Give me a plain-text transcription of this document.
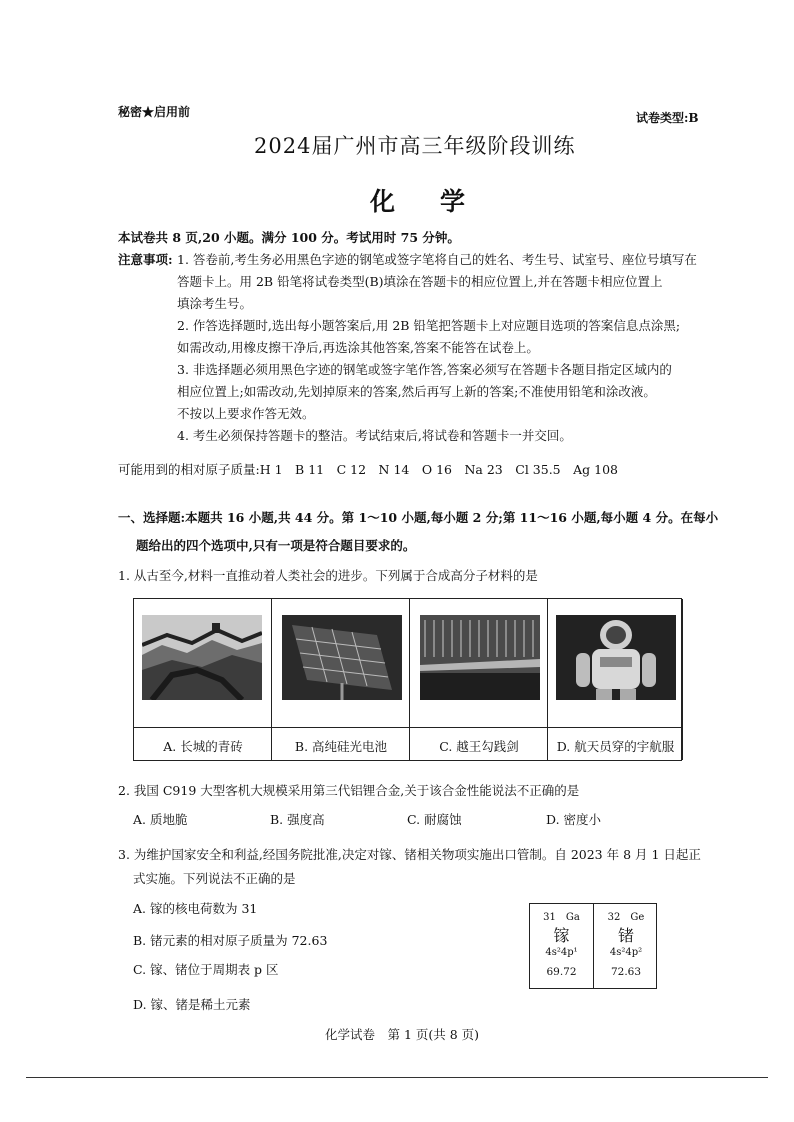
秘密★启用前	试卷类型:B
2024届广州市高三年级阶段训练
化　学
本试卷共 8 页,20 小题。满分 100 分。考试用时 75 分钟。
注意事项: 1. 答卷前,考生务必用黑色字迹的钢笔或签字笔将自己的姓名、考生号、试室号、座位号填写在
答题卡上。用 2B 铅笔将试卷类型(B)填涂在答题卡的相应位置上,并在答题卡相应位置上
填涂考生号。
2. 作答选择题时,选出每小题答案后,用 2B 铅笔把答题卡上对应题目选项的答案信息点涂黑;
如需改动,用橡皮擦干净后,再选涂其他答案,答案不能答在试卷上。
3. 非选择题必须用黑色字迹的钢笔或签字笔作答,答案必须写在答题卡各题目指定区域内的
相应位置上;如需改动,先划掉原来的答案,然后再写上新的答案;不准使用铅笔和涂改液。
不按以上要求作答无效。
4. 考生必须保持答题卡的整洁。考试结束后,将试卷和答题卡一并交回。
可能用到的相对原子质量:H 1　B 11　C 12　N 14　O 16　Na 23　Cl 35.5　Ag 108
一、选择题:本题共 16 小题,共 44 分。第 1～10 小题,每小题 2 分;第 11～16 小题,每小题 4 分。在每小
题给出的四个选项中,只有一项是符合题目要求的。
1. 从古至今,材料一直推动着人类社会的进步。下列属于合成高分子材料的是
A. 长城的青砖	B. 高纯硅光电池	C. 越王勾践剑	D. 航天员穿的宇航服
2. 我国 C919 大型客机大规模采用第三代铝锂合金,关于该合金性能说法不正确的是
A. 质地脆	B. 强度高	C. 耐腐蚀	D. 密度小
3. 为维护国家安全和利益,经国务院批准,决定对镓、锗相关物项实施出口管制。自 2023 年 8 月 1 日起正
式实施。下列说法不正确的是
A. 镓的核电荷数为 31
B. 锗元素的相对原子质量为 72.63
C. 镓、锗位于周期表 p 区
D. 镓、锗是稀土元素
31　Ga
镓
4s²4p¹
69.72
32　Ge
锗
4s²4p²
72.63
化学试卷　第 1 页(共 8 页)
